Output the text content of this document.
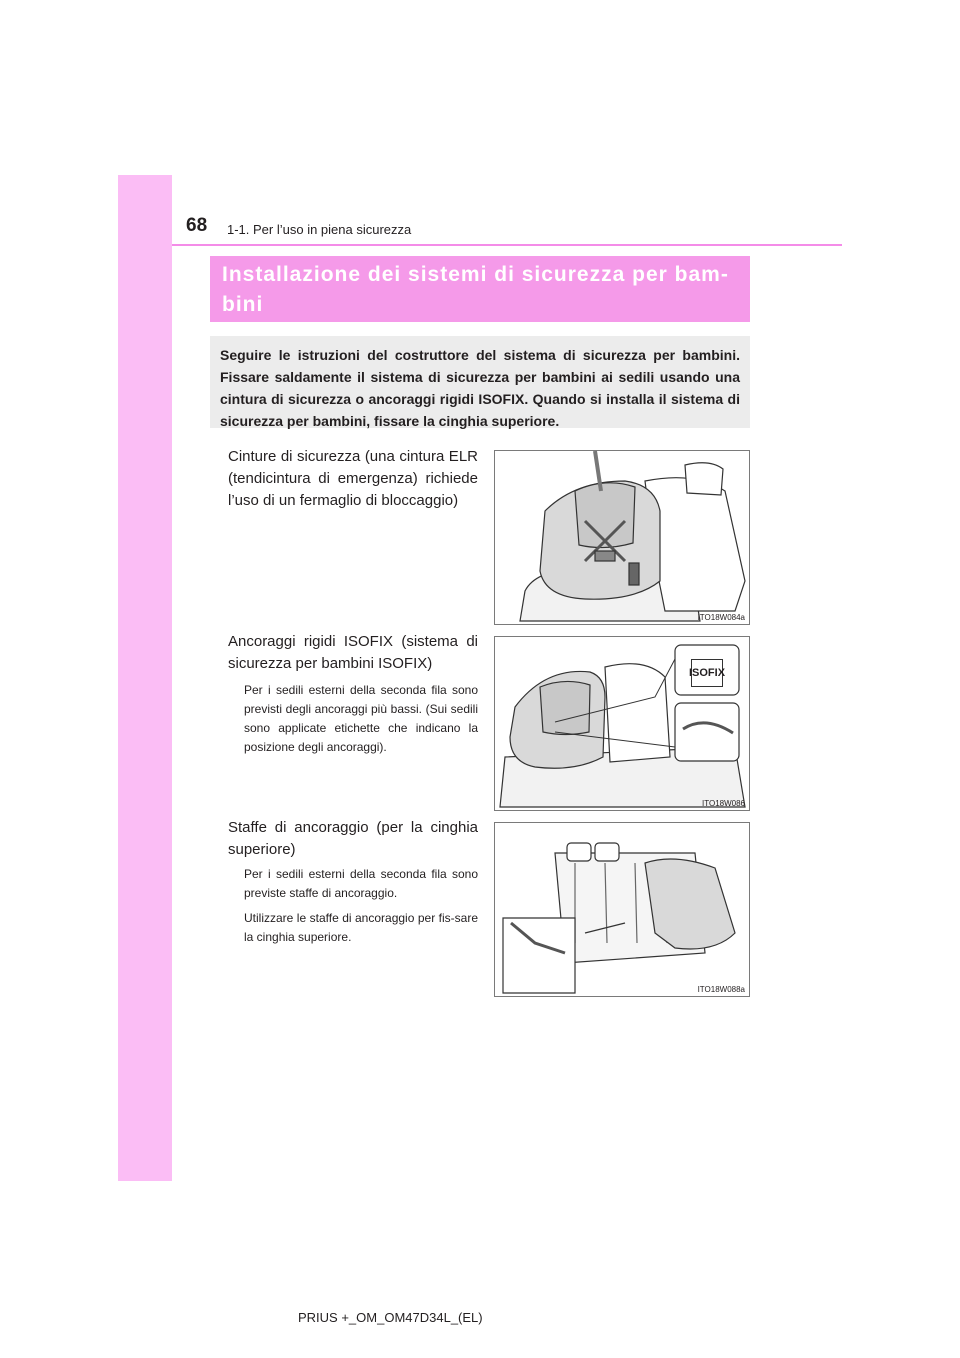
68 1-1. Per l’uso in piena sicurezza
Installazione dei sistemi di sicurezza per bam-
bini
Seguire le istruzioni del costruttore del sistema di sicurezza per bambini. Fissare saldamente il sistema di sicurezza per bambini ai sedili usando una cintura di sicurezza o ancoraggi rigidi ISOFIX. Quando si installa il sistema di sicurezza per bambini, fissare la cinghia superiore.
Cinture di sicurezza (una cintura ELR (tendicintura di emergenza) richiede l’uso di un fermaglio di bloccaggio)
ITO18W084a
Ancoraggi rigidi ISOFIX (sistema di sicurezza per bambini ISOFIX)
Per i sedili esterni della seconda fila sono previsti degli ancoraggi più bassi. (Sui sedili sono applicate etichette che indicano la posizione degli ancoraggi).
ISOFIX
ITO18W086
Staffe di ancoraggio (per la cinghia superiore)
Per i sedili esterni della seconda fila sono previste staffe di ancoraggio.
Utilizzare le staffe di ancoraggio per fis-sare la cinghia superiore.
ITO18W088a
PRIUS +_OM_OM47D34L_(EL)
